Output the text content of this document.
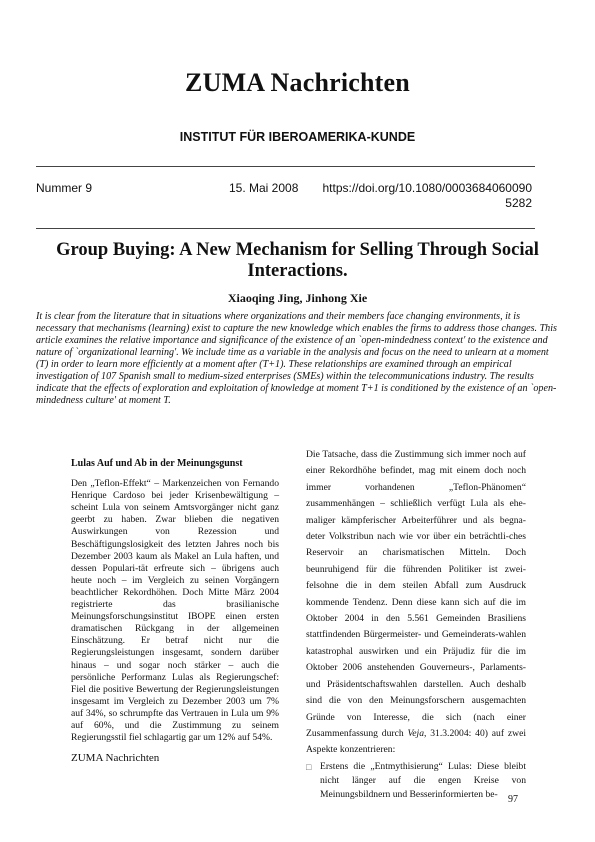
ZUMA Nachrichten
INSTITUT FÜR IBEROAMERIKA-KUNDE
Nummer 9	15. Mai 2008	https://doi.org/10.1080/0003684060090
5282
Group Buying: A New Mechanism for Selling Through Social Interactions.
Xiaoqing Jing, Jinhong Xie

It is clear from the literature that in situations where organizations and their members face changing environments, it is necessary that mechanisms (learning) exist to capture the new knowledge which enables the firms to address those changes. This article examines the relative importance and significance of the existence of an `open-mindedness context' to the existence and nature of `organizational learning'. We include time as a variable in the analysis and focus on the need to unlearn at a moment (T) in order to learn more efficiently at a moment after (T+1). These relationships are examined through an empirical investigation of 107 Spanish small to medium-sized enterprises (SMEs) within the telecommunications industry. The results indicate that the effects of exploration and exploitation of knowledge at moment T+1 is conditioned by the existence of an `open-mindedness culture' at moment T.

Lulas Auf und Ab in der Meinungsgunst

Den „Teflon-Effekt“ – Markenzeichen von Fernando Henrique Cardoso bei jeder Krisenbewältigung – scheint Lula von seinem Amtsvorgänger nicht ganz geerbt zu haben. Zwar blieben die negativen Auswirkungen von Rezession und Beschäftigungslosigkeit des letzten Jahres noch bis Dezember 2003 kaum als Makel an Lula haften, und dessen Populari-tät erfreute sich – übrigens auch heute noch – im Vergleich zu seinen Vorgängern beachtlicher Rekordhöhen. Doch Mitte März 2004 registrierte das brasilianische Meinungsforschungsinstitut IBOPE einen ersten dramatischen Rückgang in der allgemeinen Einschätzung. Er betraf nicht nur die Regierungsleistungen insgesamt, sondern darüber hinaus – und sogar noch stärker – auch die persönliche Performanz Lulas als Regierungschef: Fiel die positive Bewertung der Regierungsleistungen insgesamt im Vergleich zu Dezember 2003 um 7% auf 34%, so schrumpfte das Vertrauen in Lula um 9% auf 60%, und die Zustimmung zu seinem Regierungsstil fiel schlagartig gar um 12% auf 54%.

Die Tatsache, dass die Zustimmung sich immer noch auf einer Rekordhöhe befindet, mag mit einem doch noch immer vorhandenen „Teflon-Phänomen“ zusammenhängen – schließlich verfügt Lula als ehe-maliger kämpferischer Arbeiterführer und als begna-deter Volkstribun nach wie vor über ein beträchtli-ches Reservoir an charismatischen Mitteln. Doch beunruhigend für die führenden Politiker ist zwei-felsohne die in dem steilen Abfall zum Ausdruck kommende Tendenz. Denn diese kann sich auf die im Oktober 2004 in den 5.561 Gemeinden Brasiliens stattfindenden Bürgermeister- und Gemeinderats-wahlen katastrophal auswirken und ein Präjudiz für die im Oktober 2006 anstehenden Gouverneurs-, Parlaments- und Präsidentschaftswahlen darstellen. Auch deshalb sind die von den Meinungsforschern ausgemachten Gründe von Interesse, die sich (nach einer Zusammenfassung durch Veja, 31.3.2004: 40) auf zwei Aspekte konzentrieren:

□ Erstens die „Entmythisierung“ Lulas: Diese bleibt nicht länger auf die engen Kreise von Meinungsbildnern und Besserinformierten be-
ZUMA Nachrichten
97
